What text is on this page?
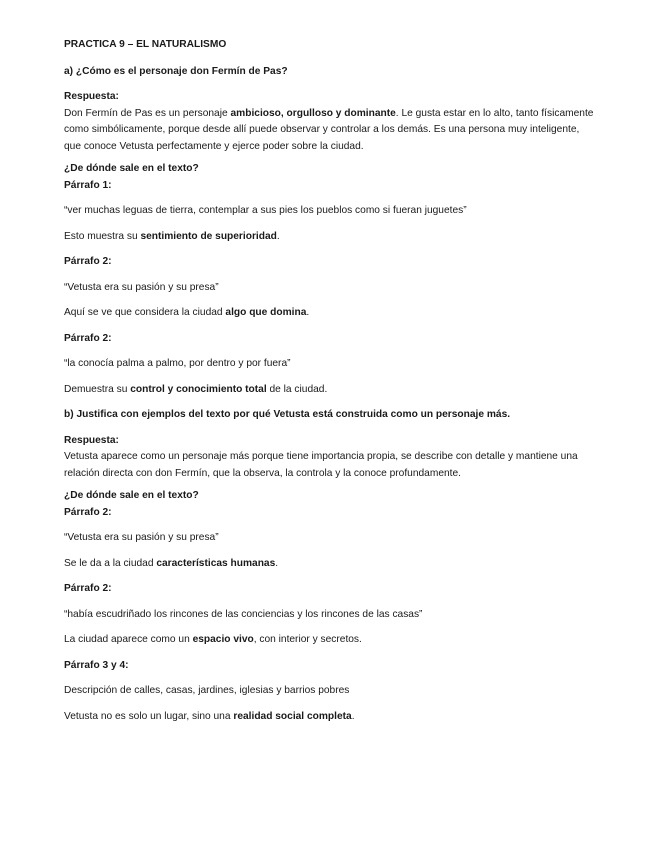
PRACTICA 9 – EL NATURALISMO

a) ¿Cómo es el personaje don Fermín de Pas?

Respuesta:

Don Fermín de Pas es un personaje ambicioso, orgulloso y dominante. Le gusta estar en lo alto, tanto físicamente como simbólicamente, porque desde allí puede observar y controlar a los demás. Es una persona muy inteligente, que conoce Vetusta perfectamente y ejerce poder sobre la ciudad.

¿De dónde sale en el texto?

Párrafo 1:

“ver muchas leguas de tierra, contemplar a sus pies los pueblos como si fueran juguetes”

Esto muestra su sentimiento de superioridad.

Párrafo 2:

“Vetusta era su pasión y su presa”

Aquí se ve que considera la ciudad algo que domina.

Párrafo 2:

“la conocía palma a palmo, por dentro y por fuera”

Demuestra su control y conocimiento total de la ciudad.

b) Justifica con ejemplos del texto por qué Vetusta está construida como un personaje más.

Respuesta:

Vetusta aparece como un personaje más porque tiene importancia propia, se describe con detalle y mantiene una relación directa con don Fermín, que la observa, la controla y la conoce profundamente.

¿De dónde sale en el texto?

Párrafo 2:

“Vetusta era su pasión y su presa”

Se le da a la ciudad características humanas.

Párrafo 2:

“había escudriñado los rincones de las conciencias y los rincones de las casas”

La ciudad aparece como un espacio vivo, con interior y secretos.

Párrafo 3 y 4:

Descripción de calles, casas, jardines, iglesias y barrios pobres

Vetusta no es solo un lugar, sino una realidad social completa.
